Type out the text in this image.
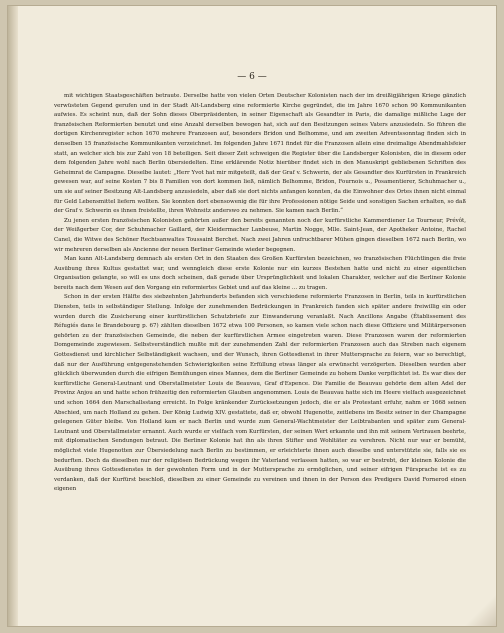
— 6 —

mit wichtigen Staatsgeschäften betraute. Derselbe hatte von vielen Orten Deutscher Kolonisten nach der im dreißigjährigen Kriege gänzlich verwüsteten Gegend gerufen und in der Stadt Alt-Landsberg eine reformierte Kirche gegründet, die im Jahre 1670 schon 90 Kommunikanten aufwies. Es scheint nun, daß der Sohn dieses Oberpräsidenten, in seiner Eigenschaft als Gesandter in Paris, die damalige mißliche Lage der französischen Reformierten benutzt und eine Anzahl derselben bewogen hat, sich auf den Besitzungen seines Vaters anzusiedeln. So führen die dortigen Kirchenregister schon 1670 mehrere Franzosen auf, besonders Bridon und Belhomme, und am zweiten Adventssonntag finden sich in denselben 15 französische Kommunikanten verzeichnet. Im folgenden Jahre 1671 findet für die Franzosen allein eine dreimalige Abendmahlsfeier statt, an welcher sich bis zur Zahl von 18 beteiligen. Seit dieser Zeit schweigen die Register über die Landsberger Kolonisten, die in diesem oder dem folgenden Jahre wohl nach Berlin übersiedelten. Eine erklärende Notiz hierüber findet sich in den Manuskript gebliebenen Schriften des Geheimrat de Campagne. Dieselbe lautet: „Herr Yvot hat mir mitgeteilt, daß der Graf v. Schwerin, der als Gesandter des Kurfürsten in Frankreich gewesen war, auf seine Kosten 7 bis 8 Familien von dort kommen ließ, nämlich Belhomme, Bridon, Fournois u., Posamentierer, Schuhmacher u., um sie auf seiner Besitzung Alt-Landsberg anzusiedeln, aber daß sie dort nichts anfangen konnten, da die Einwohner des Ortes ihnen nicht einmal für Geld Lebensmittel liefern wollten. Sie konnten dort ebensowenig die für ihre Professionen nötige Seide und sonstigen Sachen erhalten, so daß der Graf v. Schwerin es ihnen freistellte, ihren Wohnsitz anderswo zu nehmen. Sie kamen nach Berlin.“

Zu jenen ersten französischen Kolonisten gehörten außer den bereits genannten noch der kurfürstliche Kammerdiener Le Tourneur, Prévôt, der Weißgerber Cor, der Schuhmacher Gaillard, der Kleidermacher Lanbeuse, Martin Nogge, Mlle. Saint-Jean, der Apotheker Antoine, Rachel Canel, die Witwe des Schöner Rechtsanwaltes Toussaint Berchet. Nach zwei Jahren unfruchtbarer Mühen gingen dieselben 1672 nach Berlin, wo wir mehreren derselben als Ancienne der neuen Berliner Gemeinde wieder begegnen.

Man kann Alt-Landsberg demnach als ersten Ort in den Staaten des Großen Kurfürsten bezeichnen, wo französischen Flüchtlingen die freie Ausübung ihres Kultus gestattet war, und wenngleich diese erste Kolonie nur ein kurzes Bestehen hatte und nicht zu einer eigentlichen Organisation gelangte, so will es uns doch scheinen, daß gerade über Ursprünglichkeit und lokalen Charakter, welcher auf die Berliner Kolonie bereits nach dem Wesen auf den Vorgang ein reformiertes Gebiet und auf das kleine ... zu tragen.

Schon in der ersten Hälfte des siebzehnten Jahrhunderts befanden sich verschiedene reformierte Franzosen in Berlin, teils in kurfürstlichen Diensten, teils in selbständiger Stellung. Infolge der zunehmenden Bedrückungen in Frankreich fanden sich später andere freiwillig ein oder wurden durch die Zusicherung einer kurfürstlichen Schutzbriefe zur Einwanderung veranlaßt. Nach Ancillons Angabe (Établissement des Réfugiés dans le Brandebourg p. 67) zählten dieselben 1672 etwa 100 Personen, so kamen viele schon nach diese Offiziere und Militärpersonen gehörten zu der französischen Gemeinde, die neben der kurfürstlichen Armee eingetreten waren. Diese Franzosen waren der reformierten Domgemeinde zugewiesen. Selbstverständlich mußte mit der zunehmenden Zahl der reformierten Franzosen auch das Streben nach eigenem Gottesdienst und kirchlicher Selbständigkeit wachsen, und der Wunsch, ihren Gottesdienst in ihrer Muttersprache zu feiern, war so berechtigt, daß nur der Ausführung entgegenstehenden Schwierigkeiten seine Erfüllung etwas länger als erwünscht verzögerten. Dieselben wurden aber glücklich überwunden durch die eifrigen Bemühungen eines Mannes, dem die Berliner Gemeinde zu hohem Danke verpflichtet ist. Es war dies der kurfürstliche General-Leutnant und Oberstallmeister Louis de Beauvau, Graf d'Espence. Die Familie de Beauvau gehörte dem alten Adel der Provinz Anjou an und hatte schon frühzeitig den reformierten Glauben angenommen. Louis de Beauvau hatte sich im Heere vielfach ausgezeichnet und schon 1664 den Marschallsstang erreicht. In Folge kränkender Zurücksetzungen jedoch, die er als Protestant erfuhr, nahm er 1668 seinen Abschied, um nach Holland zu gehen. Der König Ludwig XIV. gestattete, daß er, obwohl Hugenotte, zeitlebens im Besitz seiner in der Champagne gelegenen Güter bleibe. Von Holland kam er nach Berlin und wurde zum General-Wachtmeister der Leibtrabanten und später zum General-Leutnant und Oberstallmeister ernannt. Auch wurde er vielfach vom Kurfürsten, der seinen Wert erkannte und ihn mit seinem Vertrauen beehrte, mit diplomatischen Sendungen betraut. Die Berliner Kolonie hat ihn als ihren Stifter und Wohltäter zu verehren. Nicht nur war er bemüht, möglichst viele Hugenotten zur Übersiedelung nach Berlin zu bestimmen, er erleichterte ihnen auch dieselbe und unterstützte sie, falls sie es bedurften. Doch da dieselben nur der religiösen Bedrückung wegen ihr Vaterland verlassen hatten, so war er bestrebt, der kleinen Kolonie die Ausübung ihres Gottesdienstes in der gewohnten Form und in der Muttersprache zu ermöglichen, und seiner eifrigen Fürsprache ist es zu verdanken, daß der Kurfürst beschloß, dieselben zu einer Gemeinde zu vereinen und ihnen in der Person des Predigers David Fornerod einen eigenen
